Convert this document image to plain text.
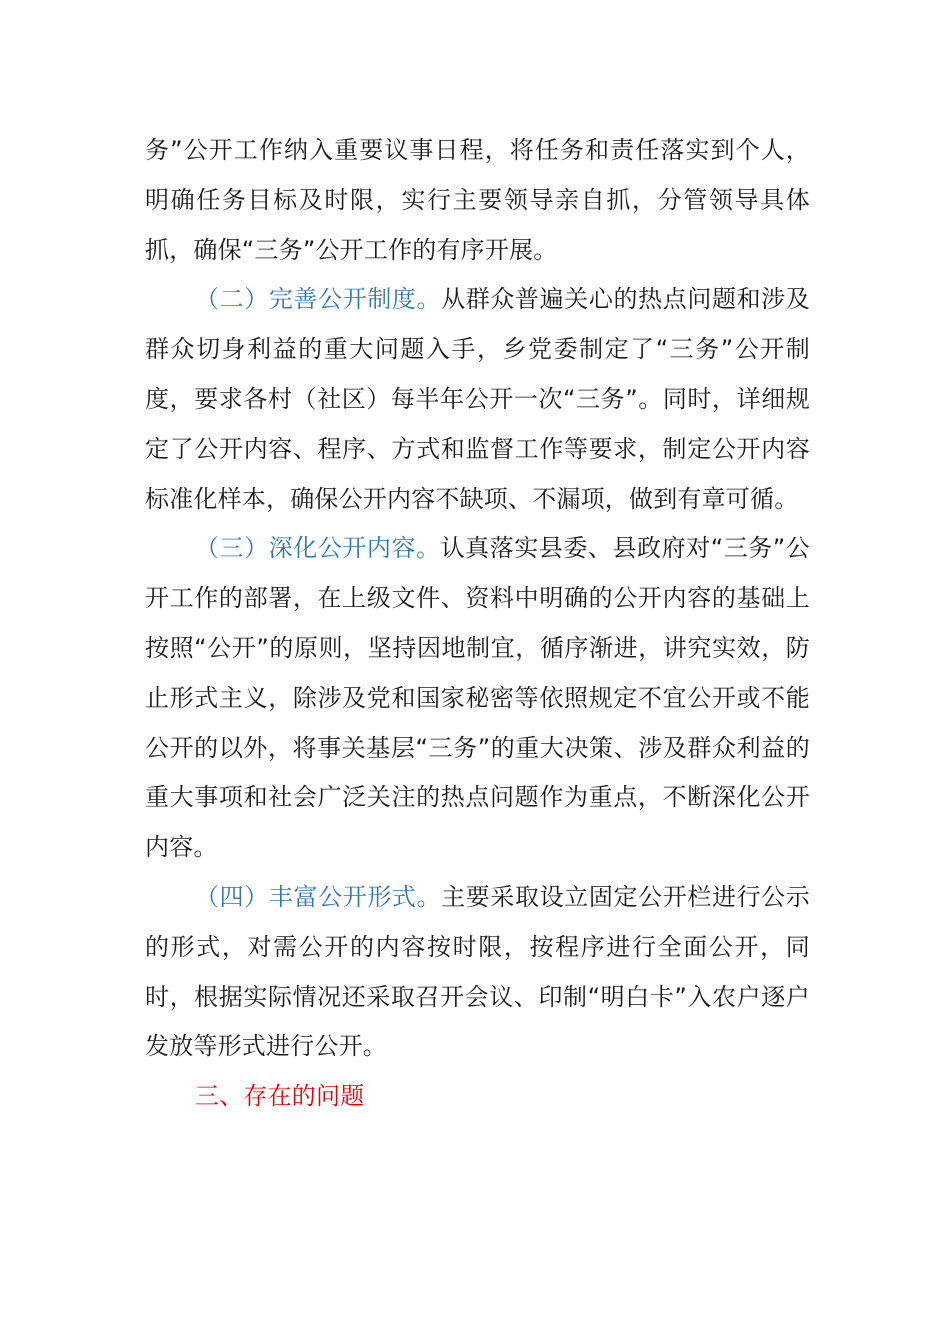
务”公开工作纳入重要议事日程，将任务和责任落实到个人，明确任务目标及时限，实行主要领导亲自抓，分管领导具体抓，确保“三务”公开工作的有序开展。

（二）完善公开制度。从群众普遍关心的热点问题和涉及群众切身利益的重大问题入手，乡党委制定了“三务”公开制度，要求各村（社区）每半年公开一次“三务”。同时，详细规定了公开内容、程序、方式和监督工作等要求，制定公开内容标准化样本，确保公开内容不缺项、不漏项，做到有章可循。

（三）深化公开内容。认真落实县委、县政府对“三务”公开工作的部署，在上级文件、资料中明确的公开内容的基础上按照“公开”的原则，坚持因地制宜，循序渐进，讲究实效，防止形式主义，除涉及党和国家秘密等依照规定不宜公开或不能公开的以外，将事关基层“三务”的重大决策、涉及群众利益的重大事项和社会广泛关注的热点问题作为重点，不断深化公开内容。

（四）丰富公开形式。主要采取设立固定公开栏进行公示的形式，对需公开的内容按时限，按程序进行全面公开，同时，根据实际情况还采取召开会议、印制“明白卡”入农户逐户发放等形式进行公开。

三、存在的问题
